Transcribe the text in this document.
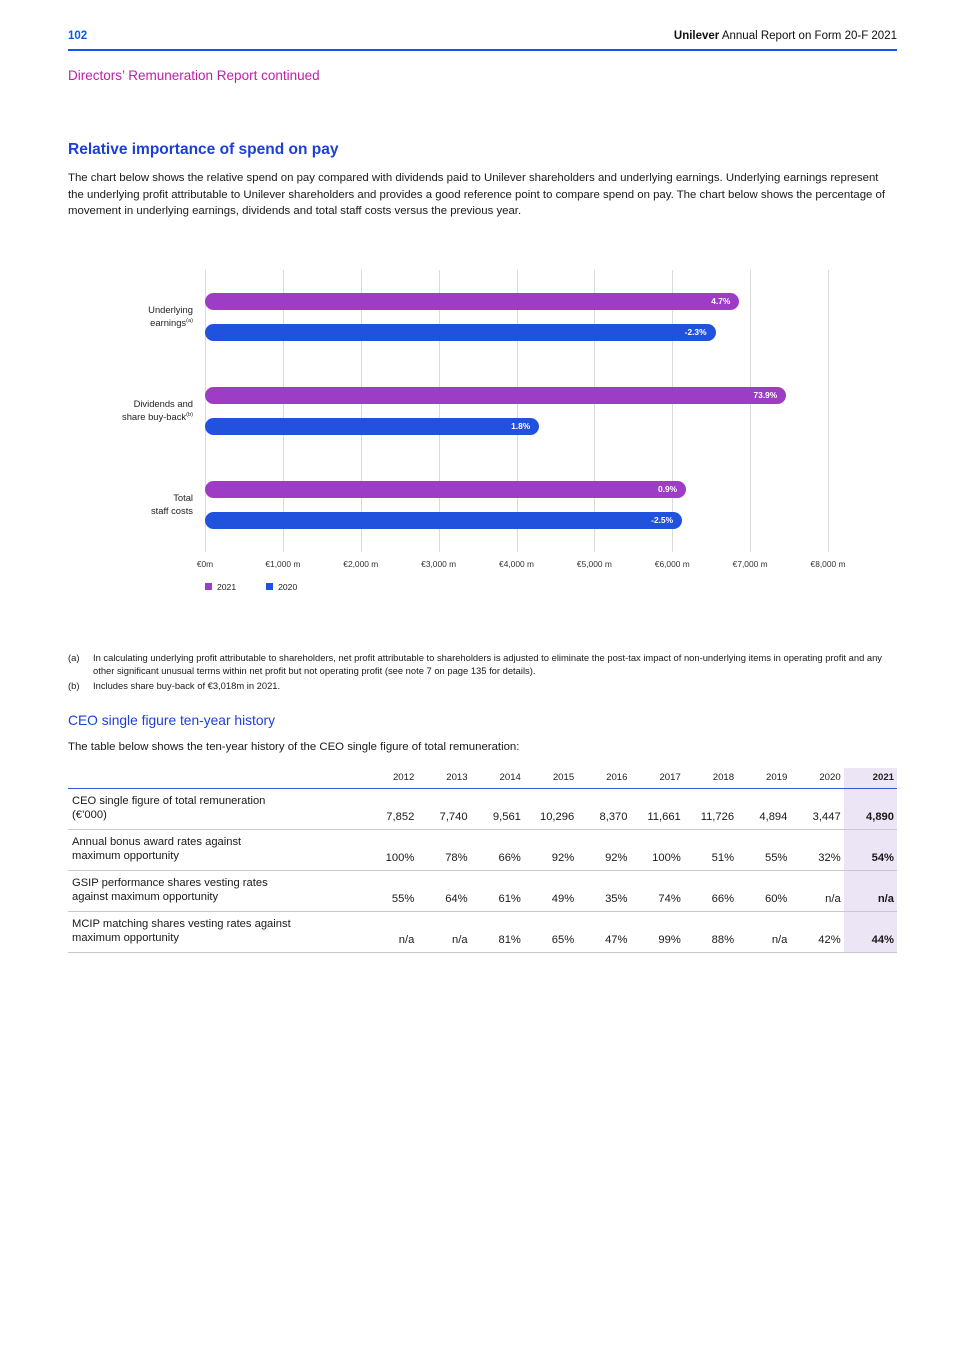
102	Unilever Annual Report on Form 20-F 2021
Directors’ Remuneration Report continued
Relative importance of spend on pay

The chart below shows the relative spend on pay compared with dividends paid to Unilever shareholders and underlying earnings. Underlying earnings represent the underlying profit attributable to Unilever shareholders and provides a good reference point to compare spend on pay. The chart below shows the percentage of movement in underlying earnings, dividends and total staff costs versus the previous year.

Underlying
earnings$^{(a)}$
Dividends and
share buy-back$^{(b)}$
Total
staff costs
4.7%
-2.3%
73.9%
1.8%
0.9%
-2.5%
€0m	€1,000 m	€2,000 m	€3,000 m	€4,000 m	€5,000 m	€6,000 m	€7,000 m	€8,000 m
2021	2020
(a)	In calculating underlying profit attributable to shareholders, net profit attributable to shareholders is adjusted to eliminate the post-tax impact of non-underlying items in operating profit and any other significant unusual terms within net profit but not operating profit (see note 7 on page 135 for details).
(b)	Includes share buy-back of €3,018m in 2021.
CEO single figure ten-year history

The table below shows the ten-year history of the CEO single figure of total remuneration:

	2012	2013	2014	2015	2016	2017	2018	2019	2020	2021
CEO single figure of total remuneration
(€’000)	7,852	7,740	9,561	10,296	8,370	11,661	11,726	4,894	3,447	4,890
Annual bonus award rates against
maximum opportunity	100%	78%	66%	92%	92%	100%	51%	55%	32%	54%
GSIP performance shares vesting rates
against maximum opportunity	55%	64%	61%	49%	35%	74%	66%	60%	n/a	n/a
MCIP matching shares vesting rates against
maximum opportunity	n/a	n/a	81%	65%	47%	99%	88%	n/a	42%	44%
